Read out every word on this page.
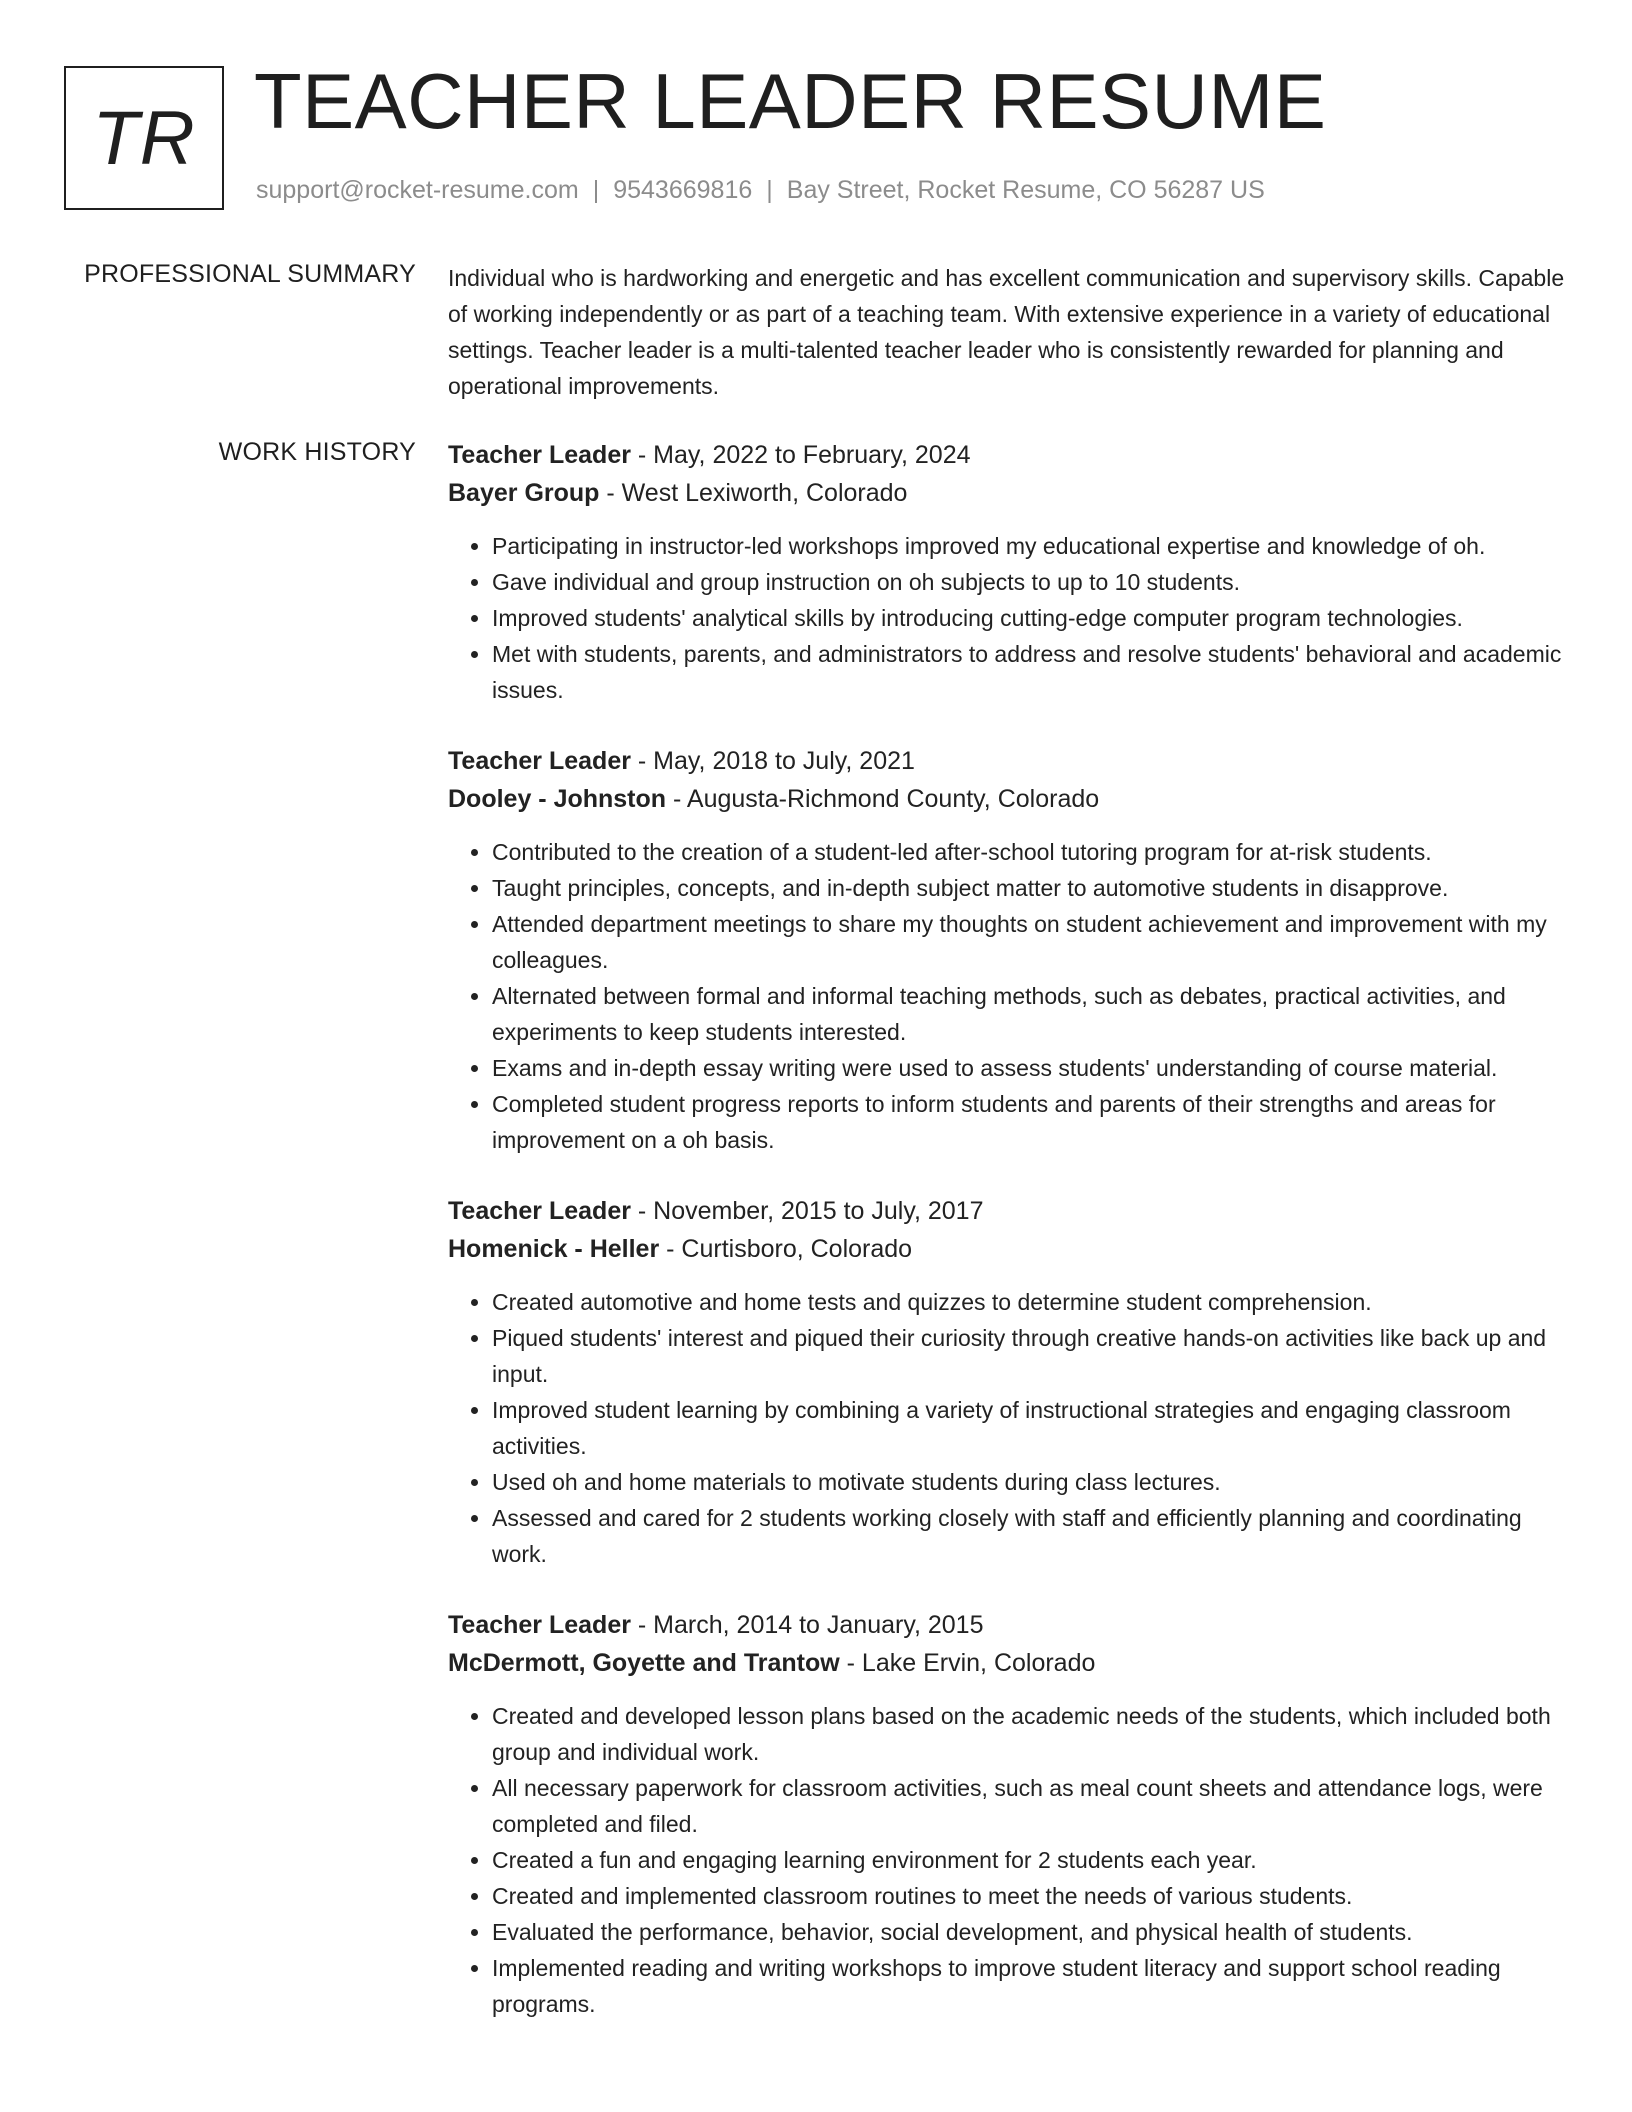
TR TEACHER LEADER RESUME
support@rocket-resume.com | 9543669816 | Bay Street, Rocket Resume, CO 56287 US
PROFESSIONAL SUMMARY Individual who is hardworking and energetic and has excellent communication and supervisory skills. Capable of working independently or as part of a teaching team. With extensive experience in a variety of educational settings. Teacher leader is a multi-talented teacher leader who is consistently rewarded for planning and operational improvements.

WORK HISTORY Teacher Leader - May, 2022 to February, 2024
Bayer Group - West Lexiworth, Colorado
• Participating in instructor-led workshops improved my educational expertise and knowledge of oh.
• Gave individual and group instruction on oh subjects to up to 10 students.
• Improved students' analytical skills by introducing cutting-edge computer program technologies.
• Met with students, parents, and administrators to address and resolve students' behavioral and academic issues.
Teacher Leader - May, 2018 to July, 2021
Dooley - Johnston - Augusta-Richmond County, Colorado
• Contributed to the creation of a student-led after-school tutoring program for at-risk students.
• Taught principles, concepts, and in-depth subject matter to automotive students in disapprove.
• Attended department meetings to share my thoughts on student achievement and improvement with my colleagues.
• Alternated between formal and informal teaching methods, such as debates, practical activities, and experiments to keep students interested.
• Exams and in-depth essay writing were used to assess students' understanding of course material.
• Completed student progress reports to inform students and parents of their strengths and areas for improvement on a oh basis.
Teacher Leader - November, 2015 to July, 2017
Homenick - Heller - Curtisboro, Colorado
• Created automotive and home tests and quizzes to determine student comprehension.
• Piqued students' interest and piqued their curiosity through creative hands-on activities like back up and input.
• Improved student learning by combining a variety of instructional strategies and engaging classroom activities.
• Used oh and home materials to motivate students during class lectures.
• Assessed and cared for 2 students working closely with staff and efficiently planning and coordinating work.
Teacher Leader - March, 2014 to January, 2015
McDermott, Goyette and Trantow - Lake Ervin, Colorado
• Created and developed lesson plans based on the academic needs of the students, which included both group and individual work.
• All necessary paperwork for classroom activities, such as meal count sheets and attendance logs, were completed and filed.
• Created a fun and engaging learning environment for 2 students each year.
• Created and implemented classroom routines to meet the needs of various students.
• Evaluated the performance, behavior, social development, and physical health of students.
• Implemented reading and writing workshops to improve student literacy and support school reading programs.
